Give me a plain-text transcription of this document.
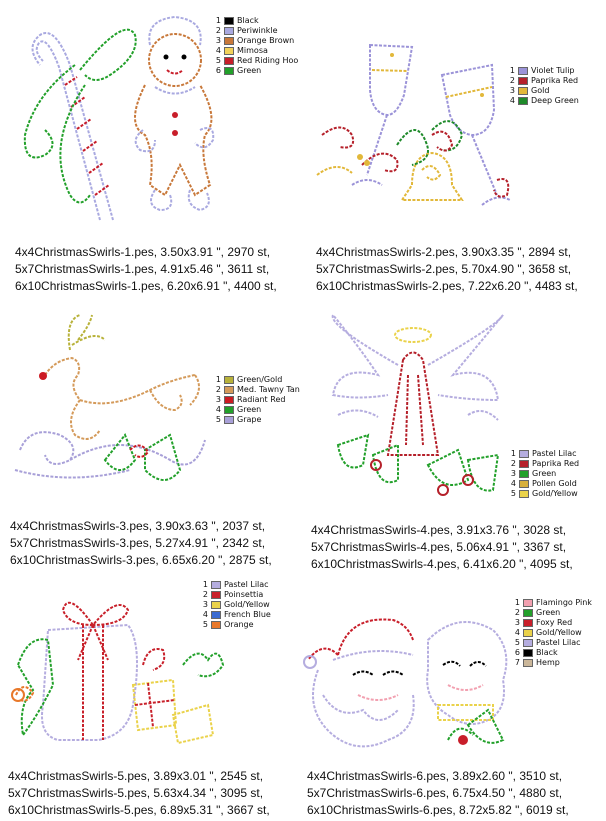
1 Black
2 Periwinkle
3 Orange Brown
4 Mimosa
5 Red Riding Hoo
6 Green
4x4ChristmasSwirls-1.pes, 3.50x3.91 ", 2970 st,
5x7ChristmasSwirls-1.pes, 4.91x5.46 ", 3611 st,
6x10ChristmasSwirls-1.pes, 6.20x6.91 ", 4400 st,
1 Violet Tulip
2 Paprika Red
3 Gold
4 Deep Green
4x4ChristmasSwirls-2.pes, 3.90x3.35 ", 2894 st,
5x7ChristmasSwirls-2.pes, 5.70x4.90 ", 3658 st,
6x10ChristmasSwirls-2.pes, 7.22x6.20 ", 4483 st,
1 Green/Gold
2 Med. Tawny Tan
3 Radiant Red
4 Green
5 Grape
4x4ChristmasSwirls-3.pes, 3.90x3.63 ", 2037 st,
5x7ChristmasSwirls-3.pes, 5.27x4.91 ", 2342 st,
6x10ChristmasSwirls-3.pes, 6.65x6.20 ", 2875 st,
1 Pastel Lilac
2 Paprika Red
3 Green
4 Pollen Gold
5 Gold/Yellow
4x4ChristmasSwirls-4.pes, 3.91x3.76 ", 3028 st,
5x7ChristmasSwirls-4.pes, 5.06x4.91 ", 3367 st,
6x10ChristmasSwirls-4.pes, 6.41x6.20 ", 4095 st,
1 Pastel Lilac
2 Poinsettia
3 Gold/Yellow
4 French Blue
5 Orange
4x4ChristmasSwirls-5.pes, 3.89x3.01 ", 2545 st,
5x7ChristmasSwirls-5.pes, 5.63x4.34 ", 3095 st,
6x10ChristmasSwirls-5.pes, 6.89x5.31 ", 3667 st,
1 Flamingo Pink
2 Green
3 Foxy Red
4 Gold/Yellow
5 Pastel Lilac
6 Black
7 Hemp
4x4ChristmasSwirls-6.pes, 3.89x2.60 ", 3510 st,
5x7ChristmasSwirls-6.pes, 6.75x4.50 ", 4880 st,
6x10ChristmasSwirls-6.pes, 8.72x5.82 ", 6019 st,
